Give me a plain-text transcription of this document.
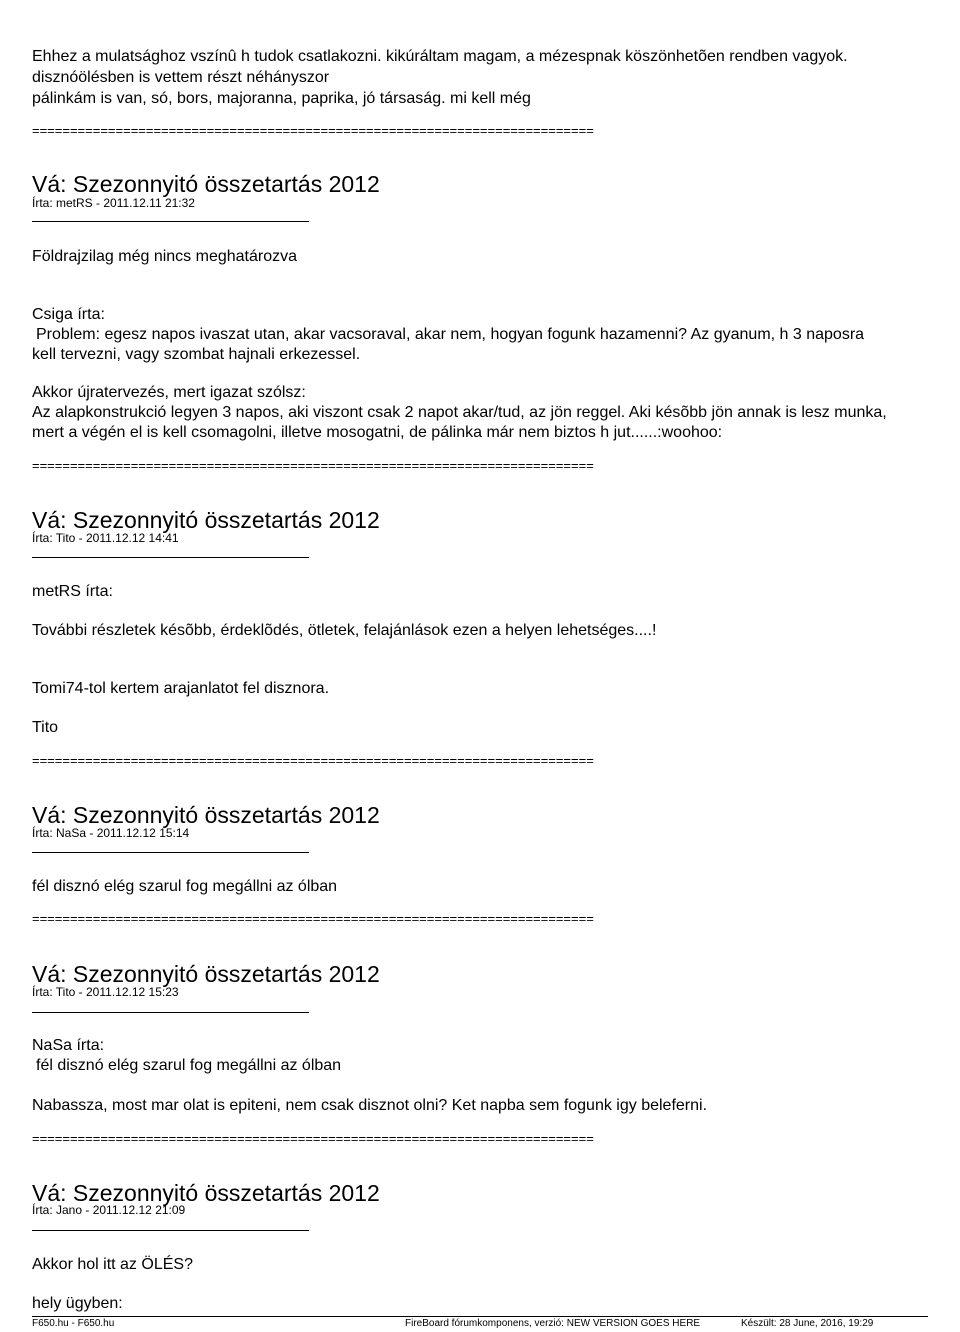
Ehhez a mulatsághoz vszínû h tudok csatlakozni. kikúráltam magam, a mézespnak köszönhetõen rendben vagyok.
disznóölésben is vettem részt néhányszor
pálinkám is van, só, bors, majoranna, paprika, jó társaság. mi kell még
==========================================================================
Vá: Szezonnyitó összetartás 2012
Írta: metRS - 2011.12.11 21:32
Földrajzilag még nincs meghatározva
Csiga írta:
Problem: egesz napos ivaszat utan, akar vacsoraval, akar nem, hogyan fogunk hazamenni? Az gyanum, h 3 naposra
kell tervezni, vagy szombat hajnali erkezessel.
Akkor újratervezés, mert igazat szólsz:
Az alapkonstrukció legyen 3 napos, aki viszont csak 2 napot akar/tud, az jön reggel. Aki késõbb jön annak is lesz munka,
mert a végén el is kell csomagolni, illetve mosogatni, de pálinka már nem biztos h jut......:woohoo:
==========================================================================
Vá: Szezonnyitó összetartás 2012
Írta: Tito - 2011.12.12 14:41
metRS írta:
További részletek késõbb, érdeklõdés, ötletek, felajánlások ezen a helyen lehetséges....!
Tomi74-tol kertem arajanlatot fel disznora.
Tito
==========================================================================
Vá: Szezonnyitó összetartás 2012
Írta: NaSa - 2011.12.12 15:14
fél disznó elég szarul fog megállni az ólban
==========================================================================
Vá: Szezonnyitó összetartás 2012
Írta: Tito - 2011.12.12 15:23
NaSa írta:
fél disznó elég szarul fog megállni az ólban
Nabassza, most mar olat is epiteni, nem csak disznot olni? Ket napba sem fogunk igy beleferni.
==========================================================================
Vá: Szezonnyitó összetartás 2012
Írta: Jano - 2011.12.12 21:09
Akkor hol itt az ÖLÉS?
hely ügyben:
F650.hu - F650.hu	FireBoard fórumkomponens, verzió: NEW VERSION GOES HERE	Készült: 28 June, 2016, 19:29
